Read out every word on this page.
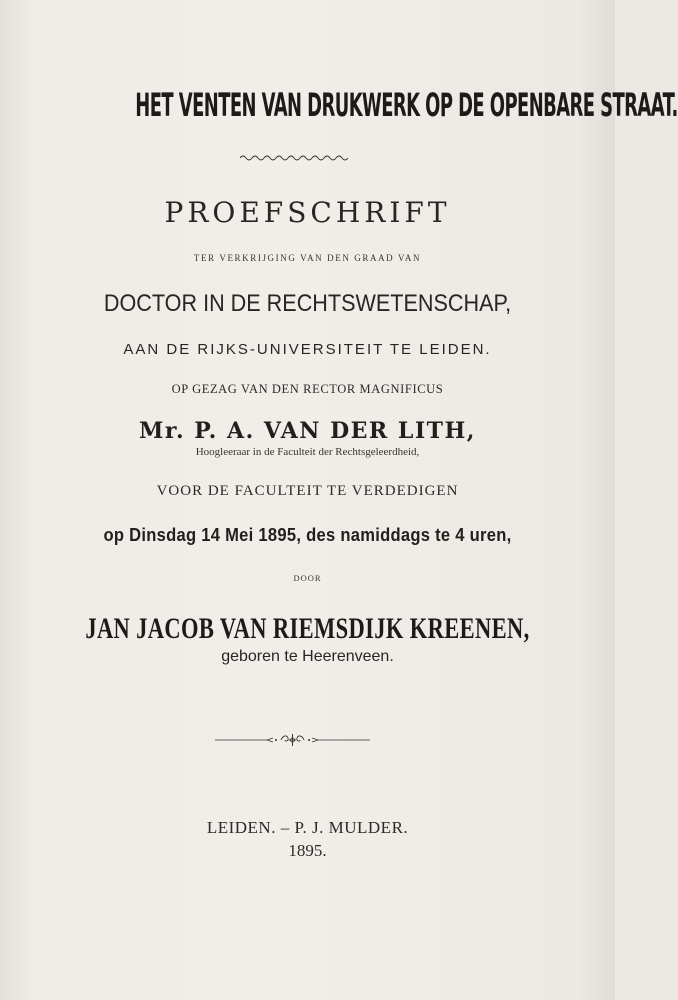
HET VENTEN VAN DRUKWERK OP DE OPENBARE STRAAT.
PROEFSCHRIFT
TER VERKRIJGING VAN DEN GRAAD VAN
DOCTOR IN DE RECHTSWETENSCHAP,
AAN DE RIJKS-UNIVERSITEIT TE LEIDEN.
OP GEZAG VAN DEN RECTOR MAGNIFICUS
Mr. P. A. VAN DER LITH,
Hoogleeraar in de Faculteit der Rechtsgeleerdheid,
VOOR DE FACULTEIT TE VERDEDIGEN
op Dinsdag 14 Mei 1895, des namiddags te 4 uren,
DOOR
JAN JACOB VAN RIEMSDIJK KREENEN,
geboren te Heerenveen.
LEIDEN. – P. J. MULDER.
1895.
